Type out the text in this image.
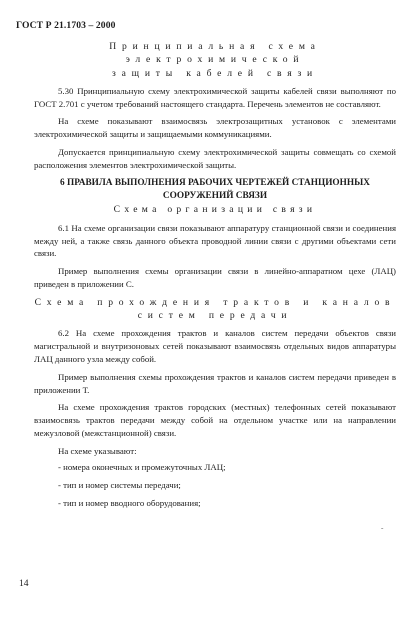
ГОСТ Р 21.1703 – 2000

Принципиальная схема электрохимической

защиты кабелей связи

5.30 Принципиальную схему электрохимической защиты кабелей связи выполняют по ГОСТ 2.701 с учетом требований настоящего стандарта. Перечень элементов не составляют.

На схеме показывают взаимосвязь электрозащитных установок с элементами электрохимической защиты и защищаемыми коммуникациями.

Допускается принципиальную схему электрохимической защиты совмещать со схемой расположения элементов электрохимической защиты.

6 ПРАВИЛА ВЫПОЛНЕНИЯ РАБОЧИХ ЧЕРТЕЖЕЙ СТАНЦИОННЫХ

СООРУЖЕНИЙ СВЯЗИ

Схема организации связи

6.1 На схеме организации связи показывают аппаратуру станционной связи и соединения между ней, а также связь данного объекта проводной линии связи с другими объектами сети связи.

Пример выполнения схемы организации связи в линейно-аппаратном цехе (ЛАЦ) приведен в приложении С.

Схема прохождения трактов и каналов

систем передачи

6.2 На схеме прохождения трактов и каналов систем передачи объектов связи магистральной и внутризоновых сетей показывают взаимосвязь отдельных видов аппаратуры ЛАЦ данного узла между собой.

Пример выполнения схемы прохождения трактов и каналов систем передачи приведен в приложении Т.

На схеме прохождения трактов городских (местных) телефонных сетей показывают взаимосвязь трактов передачи между собой на отдельном участке или на направлении межузловой (межстанционной) связи.

На схеме указывают:

- номера оконечных и промежуточных ЛАЦ;

- тип и номер системы передачи;

- тип и номер вводного оборудования;

˜
14
